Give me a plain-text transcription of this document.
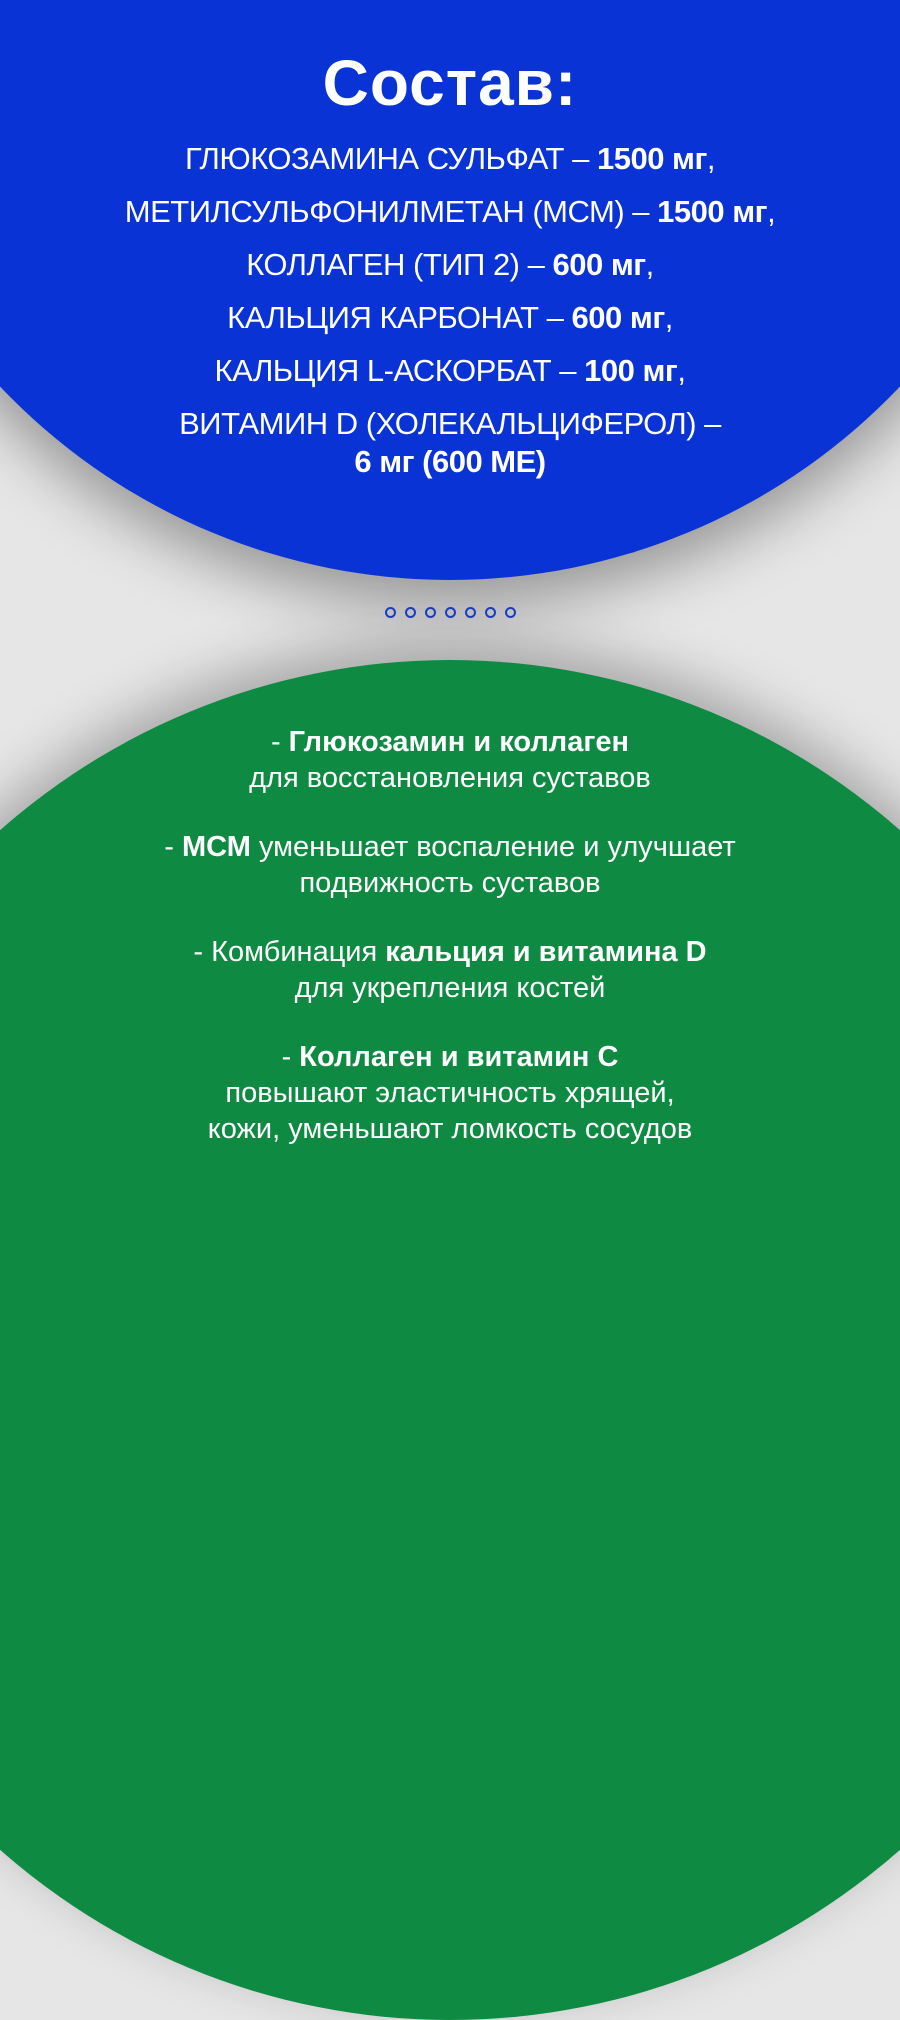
Состав:
ГЛЮКОЗАМИНА СУЛЬФАТ – 1500 мг,
МЕТИЛСУЛЬФОНИЛМЕТАН (МСМ) – 1500 мг,
КОЛЛАГЕН (ТИП 2) – 600 мг,
КАЛЬЦИЯ КАРБОНАТ – 600 мг,
КАЛЬЦИЯ L-АСКОРБАТ – 100 мг,
ВИТАМИН D (ХОЛЕКАЛЬЦИФЕРОЛ) –
6 мг (600 МЕ)
- Глюкозамин и коллаген
для восстановления суставов
- МСМ уменьшает воспаление и улучшает
подвижность суставов
- Комбинация кальция и витамина D
для укрепления костей
- Коллаген и витамин С
повышают эластичность хрящей,
кожи, уменьшают ломкость сосудов
